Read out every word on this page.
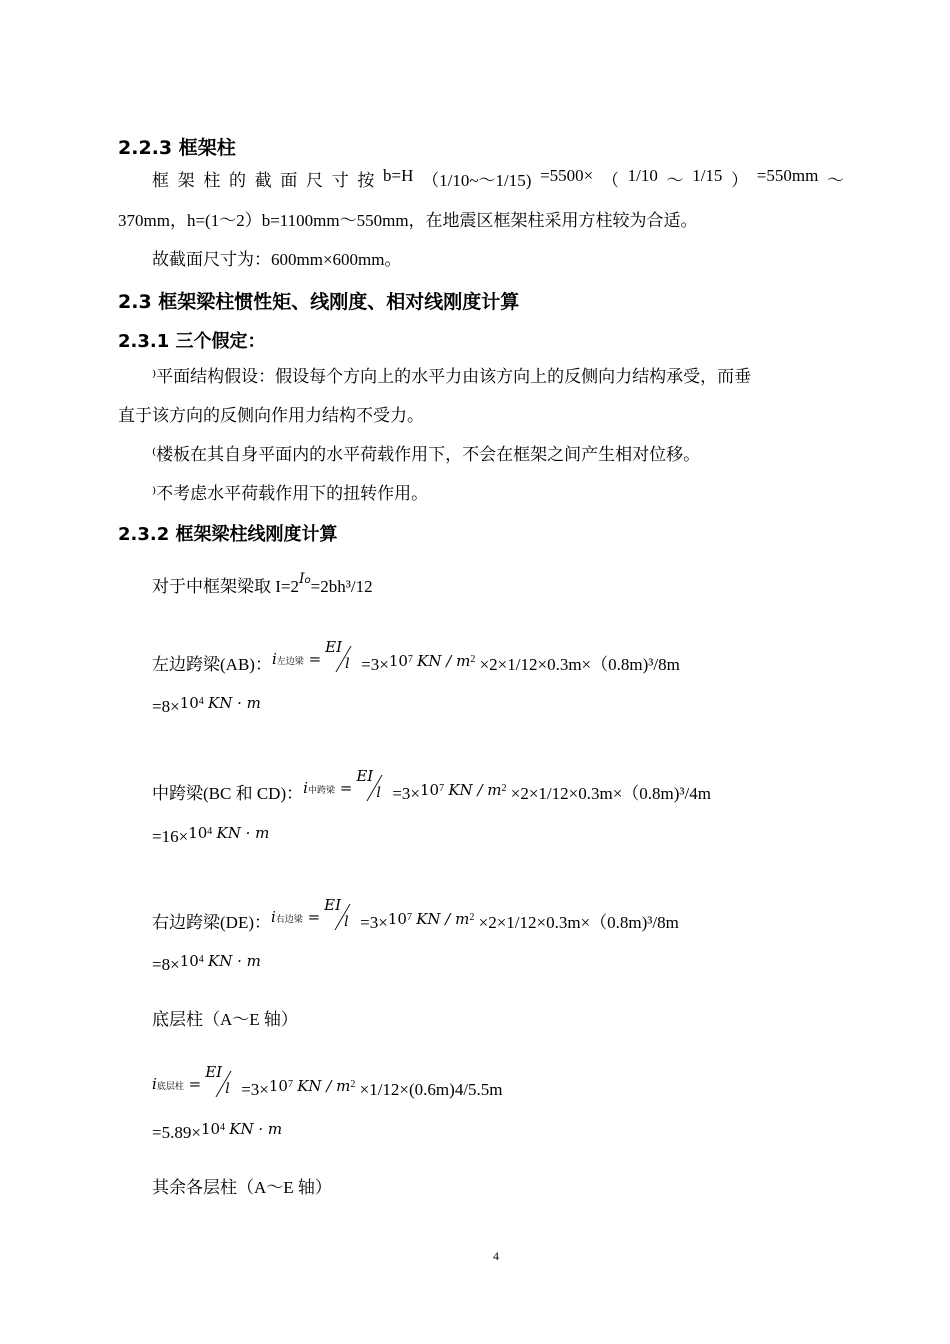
2.2.3 框架柱
框 架 柱 的 截 面 尺 寸 按 b=H （1/10~～1/15) =5500× （ 1/10 ～ 1/15 ） =550mm ～
370mm，h=(1～2）b=1100mm～550mm，在地震区框架柱采用方柱较为合适。
故截面尺寸为：600mm×600mm。
2.3 框架梁柱惯性矩、线刚度、相对线刚度计算
2.3.1 三个假定：
⁾平面结构假设：假设每个方向上的水平力由该方向上的反侧向力结构承受，而垂
直于该方向的反侧向作用力结构不受力。
⁽楼板在其自身平面内的水平荷载作用下，不会在框架之间产生相对位移。
⁾不考虑水平荷载作用下的扭转作用。
2.3.2 框架梁柱线刚度计算
对于中框架梁取 $I=2^{Io}=2bh^3/12$
左边跨梁(AB)：i左边梁 =
EI
$l =3\times 10^7$ KN / $m^2 \times 2\times 1/12\times 0.3m\times(0.8m)^3/8m$
$=8\times 10^4$ KN · m
中跨梁(BC 和 CD)：i中跨梁 =
EI
$l =3\times 10^7$ KN / $m^2 \times 2\times 1/12\times 0.3m\times(0.8m)^3/4m$
$=16\times 10^4$ KN · m
右边跨梁(DE)：i右边梁 =
EI
$l =3\times 10^7$ KN / $m^2 \times 2\times 1/12\times 0.3m\times(0.8m)^3/8m$
$=8\times 10^4$ KN · m
底层柱（A～E 轴）
i底层柱 =
EI
$l =3\times 10^7$ KN / $m^2 \times 1/12\times(0.6m)4/5.5m$
$=5.89\times 10^4$ KN · m
其余各层柱（A～E 轴）
4
